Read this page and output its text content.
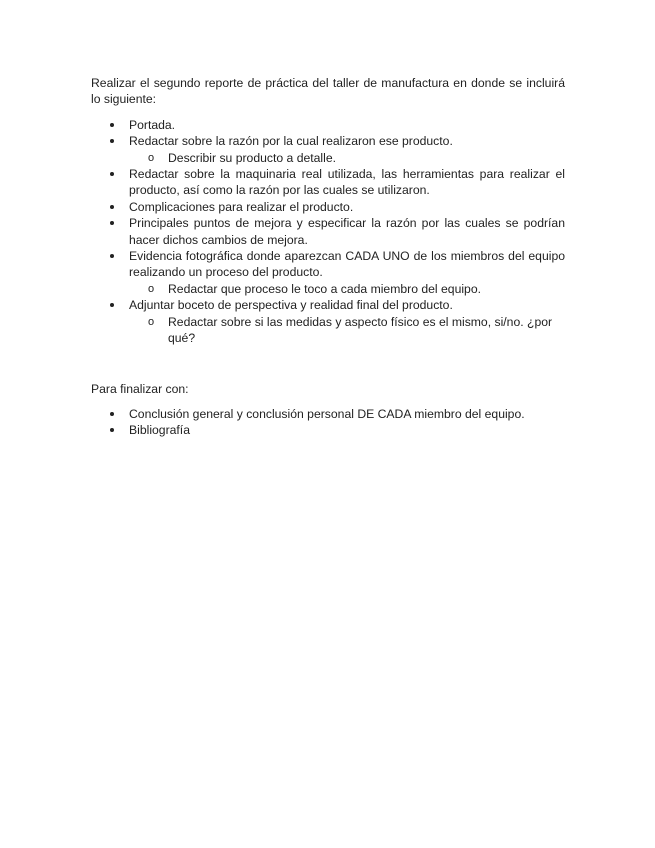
Realizar el segundo reporte de práctica del taller de manufactura en donde se incluirá lo siguiente:

Portada.
Redactar sobre la razón por la cual realizaron ese producto.
o Describir su producto a detalle.
Redactar sobre la maquinaria real utilizada, las herramientas para realizar el producto, así como la razón por las cuales se utilizaron.
Complicaciones para realizar el producto.
Principales puntos de mejora y especificar la razón por las cuales se podrían hacer dichos cambios de mejora.
Evidencia fotográfica donde aparezcan CADA UNO de los miembros del equipo realizando un proceso del producto.
o Redactar que proceso le toco a cada miembro del equipo.
Adjuntar boceto de perspectiva y realidad final del producto.
o Redactar sobre si las medidas y aspecto físico es el mismo, si/no. ¿por qué?

Para finalizar con:

Conclusión general y conclusión personal DE CADA miembro del equipo.
Bibliografía
